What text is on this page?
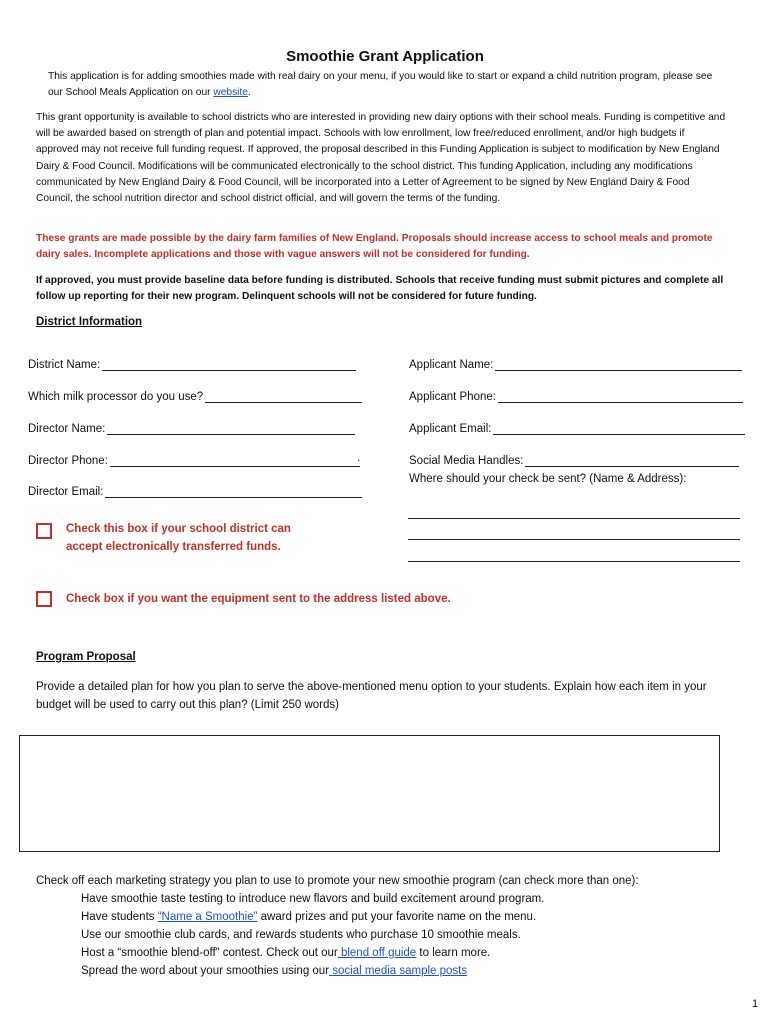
Smoothie Grant Application
This application is for adding smoothies made with real dairy on your menu, if you would like to start or expand a child nutrition program, please see our School Meals Application on our website.
This grant opportunity is available to school districts who are interested in providing new dairy options with their school meals. Funding is competitive and will be awarded based on strength of plan and potential impact. Schools with low enrollment, low free/reduced enrollment, and/or high budgets if approved may not receive full funding request. If approved, the proposal described in this Funding Application is subject to modification by New England Dairy & Food Council. Modifications will be communicated electronically to the school district. This funding Application, including any modifications communicated by New England Dairy & Food Council, will be incorporated into a Letter of Agreement to be signed by New England Dairy & Food Council, the school nutrition director and school district official, and will govern the terms of the funding.
These grants are made possible by the dairy farm families of New England. Proposals should increase access to school meals and promote dairy sales. Incomplete applications and those with vague answers will not be considered for funding.
If approved, you must provide baseline data before funding is distributed. Schools that receive funding must submit pictures and complete all follow up reporting for their new program. Delinquent schools will not be considered for future funding.
District Information
District Name:
Which milk processor do you use?
Director Name:
Director Phone:	.
Director Email:
Applicant Name:
Applicant Phone:
Applicant Email:
Social Media Handles:
Where should your check be sent? (Name & Address):
Check this box if your school district can accept electronically transferred funds.
Check box if you want the equipment sent to the address listed above.
Program Proposal
Provide a detailed plan for how you plan to serve the above-mentioned menu option to your students. Explain how each item in your budget will be used to carry out this plan? (Limit 250 words)
Check off each marketing strategy you plan to use to promote your new smoothie program (can check more than one):
Have smoothie taste testing to introduce new flavors and build excitement around program.
Have students “Name a Smoothie” award prizes and put your favorite name on the menu.
Use our smoothie club cards, and rewards students who purchase 10 smoothie meals.
Host a “smoothie blend-off” contest. Check out our blend off guide to learn more.
Spread the word about your smoothies using our social media sample posts
1
